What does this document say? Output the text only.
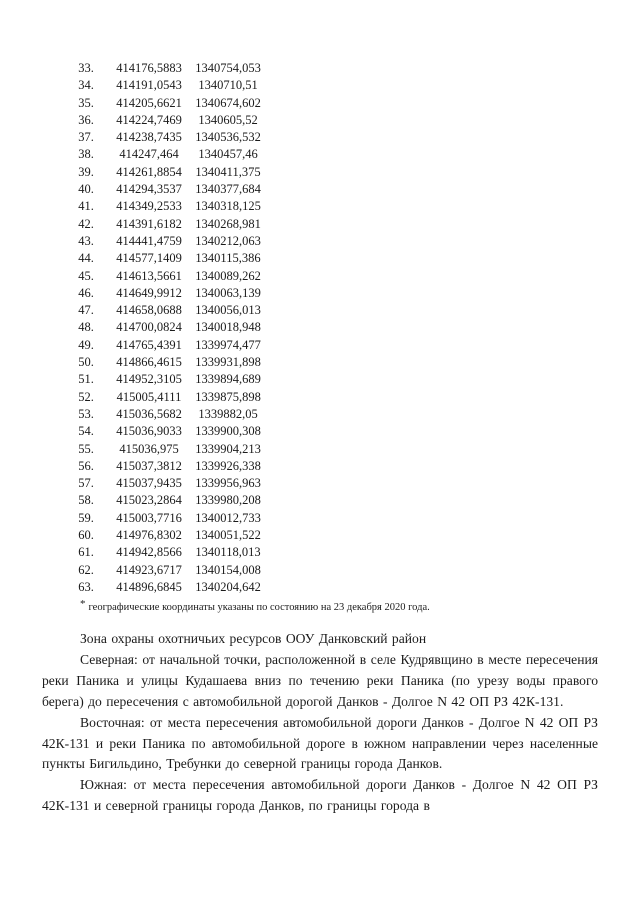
33.	414176,5883	1340754,053
34.	414191,0543	1340710,51
35.	414205,6621	1340674,602
36.	414224,7469	1340605,52
37.	414238,7435	1340536,532
38.	414247,464	1340457,46
39.	414261,8854	1340411,375
40.	414294,3537	1340377,684
41.	414349,2533	1340318,125
42.	414391,6182	1340268,981
43.	414441,4759	1340212,063
44.	414577,1409	1340115,386
45.	414613,5661	1340089,262
46.	414649,9912	1340063,139
47.	414658,0688	1340056,013
48.	414700,0824	1340018,948
49.	414765,4391	1339974,477
50.	414866,4615	1339931,898
51.	414952,3105	1339894,689
52.	415005,4111	1339875,898
53.	415036,5682	1339882,05
54.	415036,9033	1339900,308
55.	415036,975	1339904,213
56.	415037,3812	1339926,338
57.	415037,9435	1339956,963
58.	415023,2864	1339980,208
59.	415003,7716	1340012,733
60.	414976,8302	1340051,522
61.	414942,8566	1340118,013
62.	414923,6717	1340154,008
63.	414896,6845	1340204,642
* географические координаты указаны по состоянию на 23 декабря 2020 года.

Зона охраны охотничьих ресурсов ООУ Данковский район

Северная: от начальной точки, расположенной в селе Кудрявщино в месте пересечения реки Паника и улицы Кудашаева вниз по течению реки Паника (по урезу воды правого берега) до пересечения с автомобильной дорогой Данков - Долгое N 42 ОП РЗ 42К-131.

Восточная: от места пересечения автомобильной дороги Данков - Долгое N 42 ОП РЗ 42К-131 и реки Паника по автомобильной дороге в южном направлении через населенные пункты Бигильдино, Требунки до северной границы города Данков.

Южная: от места пересечения автомобильной дороги Данков - Долгое N 42 ОП РЗ 42К-131 и северной границы города Данков, по границы города в
